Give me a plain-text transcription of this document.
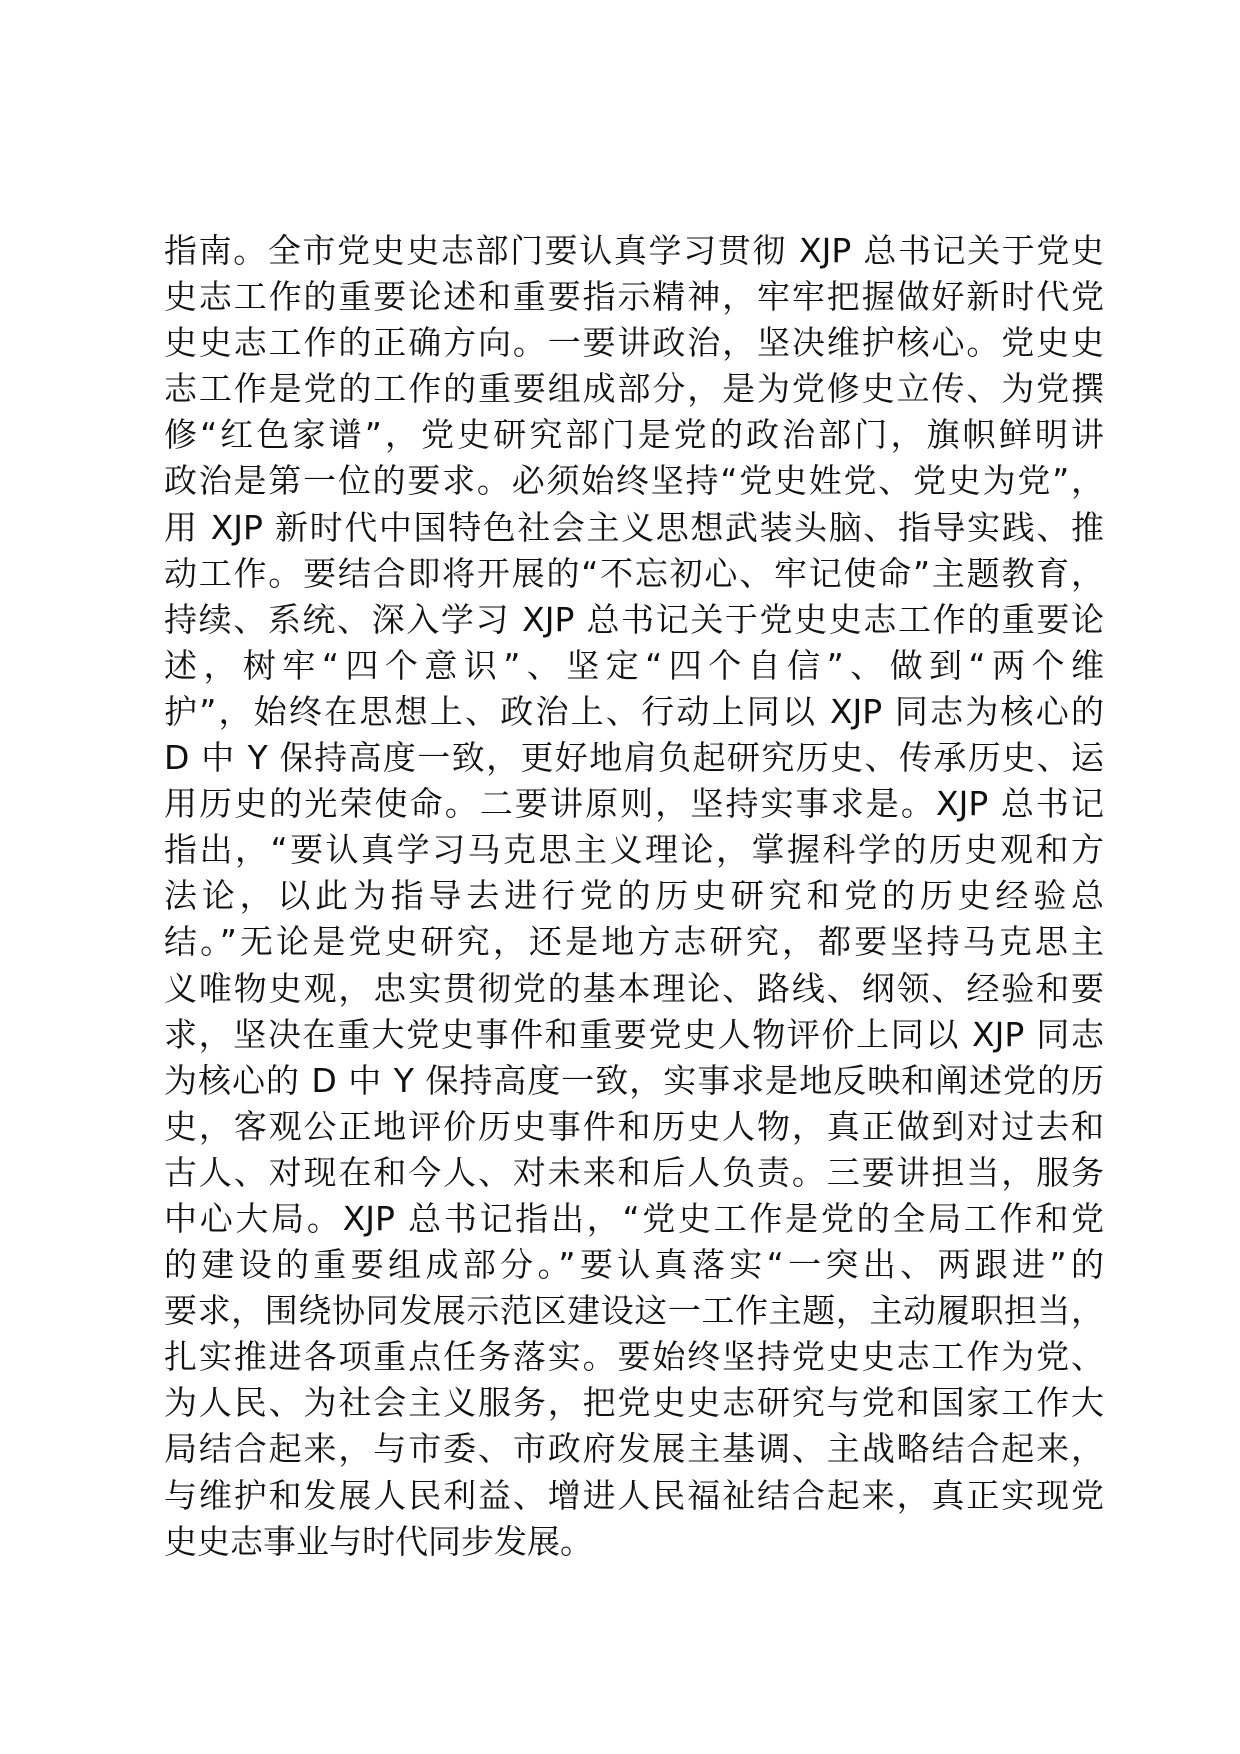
指南。全市党史史志部门要认真学习贯彻 XJP 总书记关于党史
史志工作的重要论述和重要指示精神，牢牢把握做好新时代党
史史志工作的正确方向。一要讲政治，坚决维护核心。党史史
志工作是党的工作的重要组成部分，是为党修史立传、为党撰
修“红色家谱”，党史研究部门是党的政治部门，旗帜鲜明讲
政治是第一位的要求。必须始终坚持“党史姓党、党史为党”，
用 XJP 新时代中国特色社会主义思想武装头脑、指导实践、推
动工作。要结合即将开展的“不忘初心、牢记使命”主题教育，
持续、系统、深入学习 XJP 总书记关于党史史志工作的重要论
述，树牢“四个意识”、坚定“四个自信”、做到“两个维
护”，始终在思想上、政治上、行动上同以 XJP 同志为核心的
D 中 Y 保持高度一致，更好地肩负起研究历史、传承历史、运
用历史的光荣使命。二要讲原则，坚持实事求是。XJP 总书记
指出，“要认真学习马克思主义理论，掌握科学的历史观和方
法论，以此为指导去进行党的历史研究和党的历史经验总
结。”无论是党史研究，还是地方志研究，都要坚持马克思主
义唯物史观，忠实贯彻党的基本理论、路线、纲领、经验和要
求，坚决在重大党史事件和重要党史人物评价上同以 XJP 同志
为核心的 D 中 Y 保持高度一致，实事求是地反映和阐述党的历
史，客观公正地评价历史事件和历史人物，真正做到对过去和
古人、对现在和今人、对未来和后人负责。三要讲担当，服务
中心大局。XJP 总书记指出，“党史工作是党的全局工作和党
的建设的重要组成部分。”要认真落实“一突出、两跟进”的
要求，围绕协同发展示范区建设这一工作主题，主动履职担当，
扎实推进各项重点任务落实。要始终坚持党史史志工作为党、
为人民、为社会主义服务，把党史史志研究与党和国家工作大
局结合起来，与市委、市政府发展主基调、主战略结合起来，
与维护和发展人民利益、增进人民福祉结合起来，真正实现党
史史志事业与时代同步发展。
